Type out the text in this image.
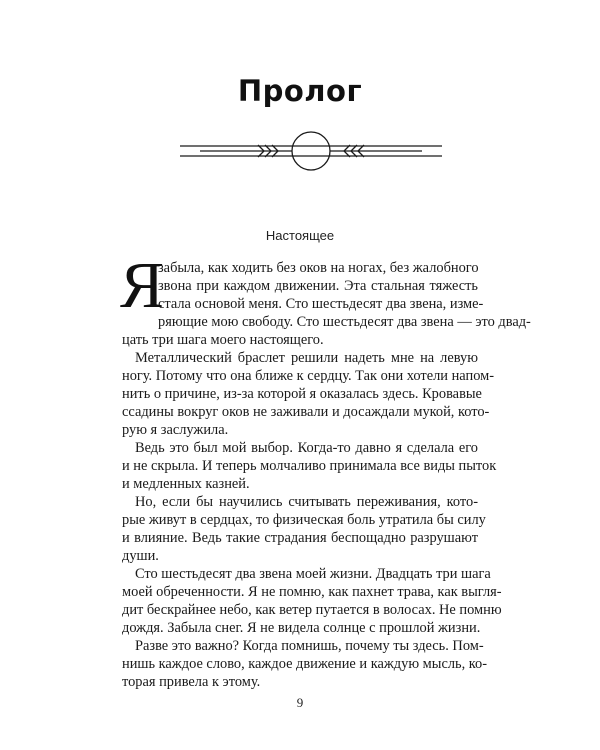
Пролог
Настоящее
Я
забыла, как ходить без оков на ногах, без жалобного
звона при каждом движении. Эта стальная тяжесть
стала основой меня. Сто шестьдесят два звена, изме-
ряющие мою свободу. Сто шестьдесят два звена — это двад-
цать три шага моего настоящего.
Металлический браслет решили надеть мне на левую
ногу. Потому что она ближе к сердцу. Так они хотели напом-
нить о причине, из-за которой я оказалась здесь. Кровавые
ссадины вокруг оков не заживали и досаждали мукой, кото-
рую я заслужила.
Ведь это был мой выбор. Когда-то давно я сделала его
и не скрыла. И теперь молчаливо принимала все виды пыток
и медленных казней.
Но, если бы научились считывать переживания, кото-
рые живут в сердцах, то физическая боль утратила бы силу
и влияние. Ведь такие страдания беспощадно разрушают
души.
Сто шестьдесят два звена моей жизни. Двадцать три шага
моей обреченности. Я не помню, как пахнет трава, как выгля-
дит бескрайнее небо, как ветер путается в волосах. Не помню
дождя. Забыла снег. Я не видела солнце с прошлой жизни.
Разве это важно? Когда помнишь, почему ты здесь. Пом-
нишь каждое слово, каждое движение и каждую мысль, ко-
торая привела к этому.
9
